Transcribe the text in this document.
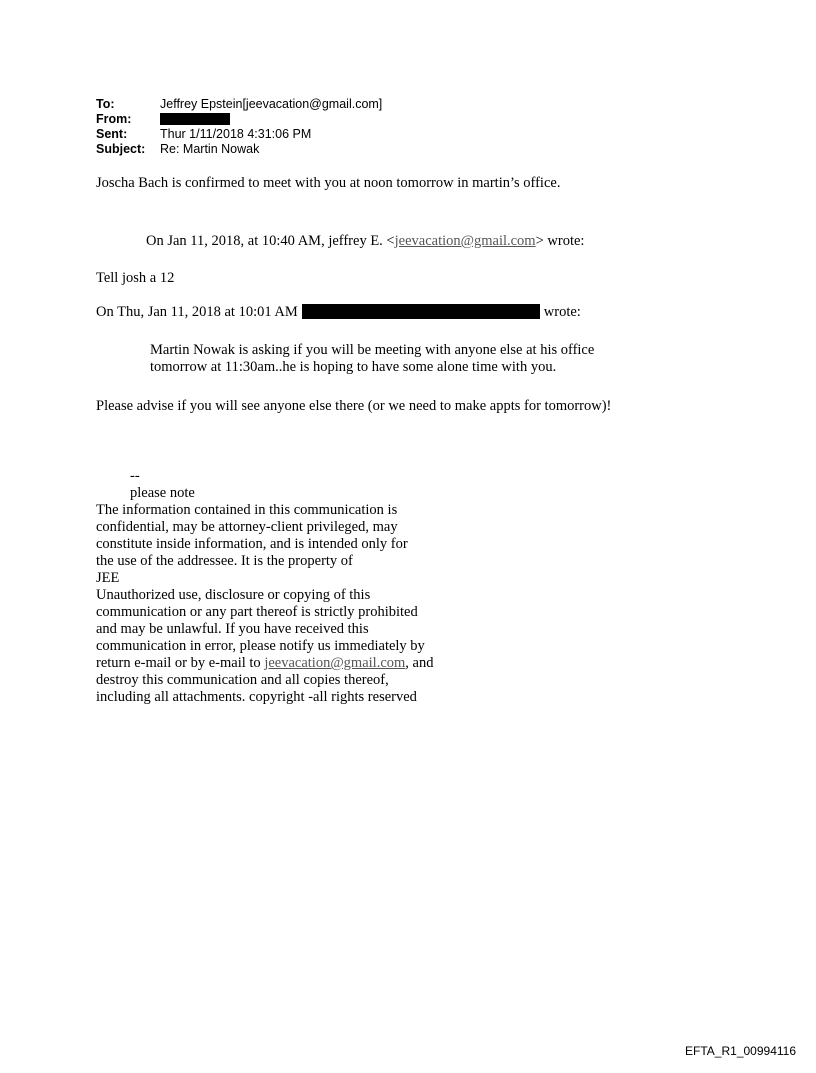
To:	Jeffrey Epstein[jeevacation@gmail.com]
From:
Sent:	Thur 1/11/2018 4:31:06 PM
Subject:	Re: Martin Nowak
Joscha Bach is confirmed to meet with you at noon tomorrow in martin’s office.
On Jan 11, 2018, at 10:40 AM, jeffrey E. <jeevacation@gmail.com> wrote:
Tell josh a 12
On Thu, Jan 11, 2018 at 10:01 AM	wrote:
Martin Nowak is asking if you will be meeting with anyone else at his office
tomorrow at 11:30am..he is hoping to have some alone time with you.
Please advise if you will see anyone else there (or we need to make appts for tomorrow)!
--
please note
The information contained in this communication is
confidential, may be attorney-client privileged, may
constitute inside information, and is intended only for
the use of the addressee. It is the property of
JEE
Unauthorized use, disclosure or copying of this
communication or any part thereof is strictly prohibited
and may be unlawful. If you have received this
communication in error, please notify us immediately by
return e-mail or by e-mail to jeevacation@gmail.com, and
destroy this communication and all copies thereof,
including all attachments. copyright -all rights reserved
EFTA_R1_00994116
